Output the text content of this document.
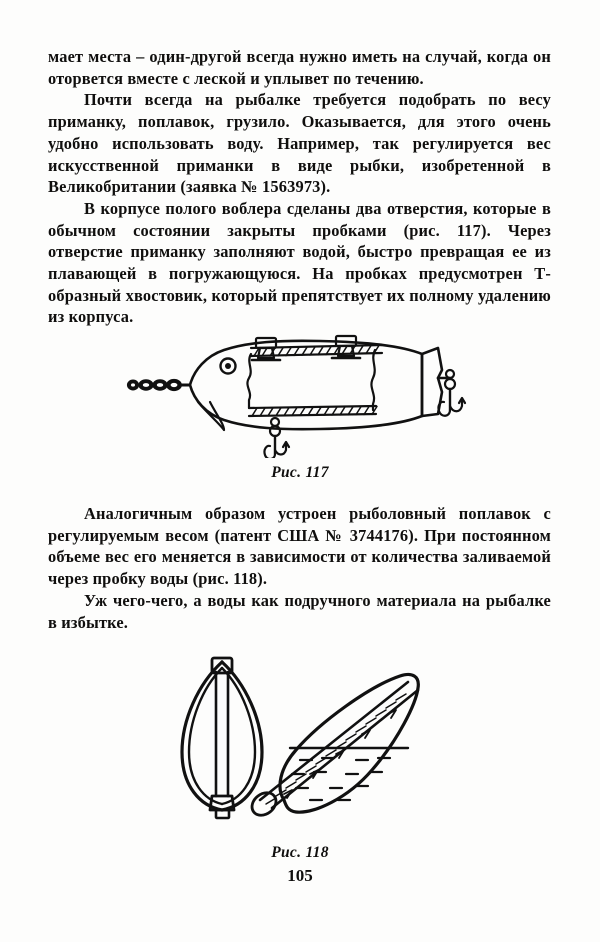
мает места – один-другой всегда нужно иметь на случай, когда он оторвется вместе с леской и уплывет по течению.

Почти всегда на рыбалке требуется подобрать по весу приманку, поплавок, грузило. Оказывается, для этого очень удобно использовать воду. Например, так регулируется вес искусственной приманки в виде рыбки, изобретенной в Великобритании (заявка № 1563973).

В корпусе полого воблера сделаны два отверстия, которые в обычном состоянии закрыты пробками (рис. 117). Через отверстие приманку заполняют водой, быстро превращая ее из плавающей в погружающуюся. На пробках предусмотрен Т-образный хвостовик, который препятствует их полному удалению из корпуса.

Рис. 117

Аналогичным образом устроен рыболовный поплавок с регулируемым весом (патент США № 3744176). При постоянном объеме вес его меняется в зависимости от количества заливаемой через пробку воды (рис. 118).

Уж чего-чего, а воды как подручного материала на рыбалке в избытке.

Рис. 118
105
